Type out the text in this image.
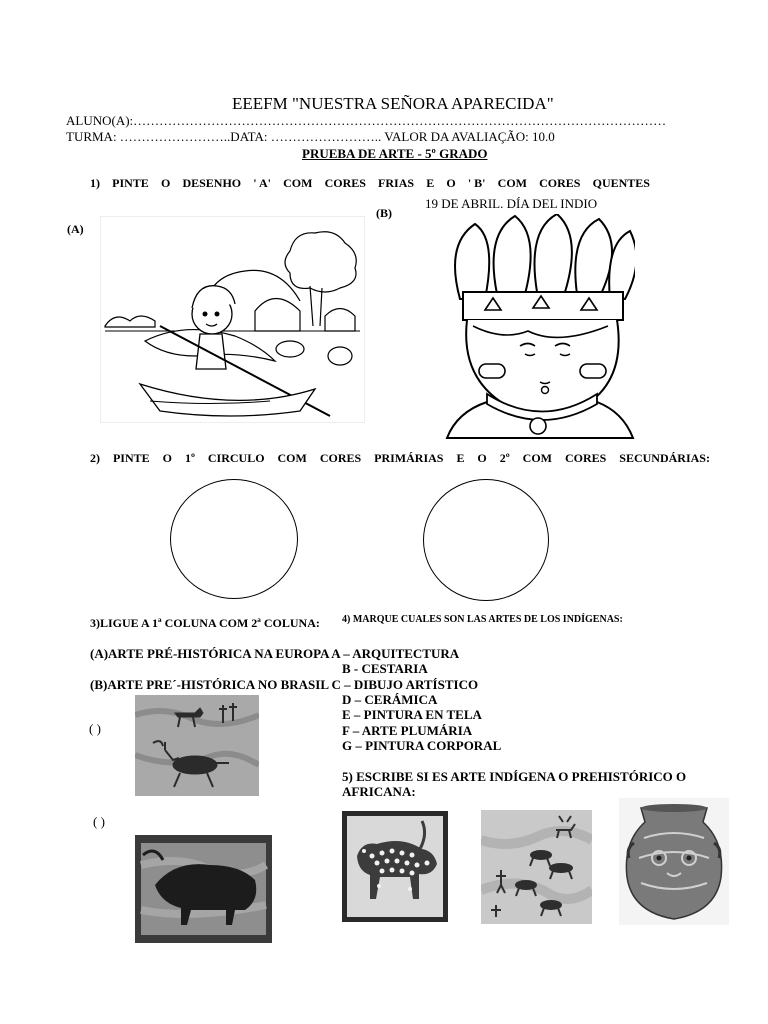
EEEFM "NUESTRA SEÑORA APARECIDA"
ALUNO(A):……………………………………………………………………………………………………………
TURMA: ……………………..DATA: …………………….. VALOR DA AVALIAÇÃO: 10.0
PRUEBA DE ARTE - 5º GRADO
1) PINTE O DESENHO ' A' COM CORES FRIAS E O ' B' COM CORES QUENTES
(A)
(B)
19 DE ABRIL. DÍA DEL INDIO
2) PINTE O 1º CIRCULO COM CORES PRIMÁRIAS E O 2º COM CORES SECUNDÁRIAS:
3)LIGUE A 1ª COLUNA COM 2ª COLUNA:
(A)ARTE PRÉ-HISTÓRICA NA EUROPA A – ARQUITECTURA
(B)ARTE PRE´-HISTÓRICA NO BRASIL C – DIBUJO ARTÍSTICO
4) MARQUE CUALES SON LAS ARTES DE LOS INDÍGENAS:
B - CESTARIA
D – CERÁMICA
E – PINTURA EN TELA
F – ARTE PLUMÁRIA
G – PINTURA CORPORAL
( )
( )
5) ESCRIBE SI ES ARTE INDÍGENA O PREHISTÓRICO O
AFRICANA:
